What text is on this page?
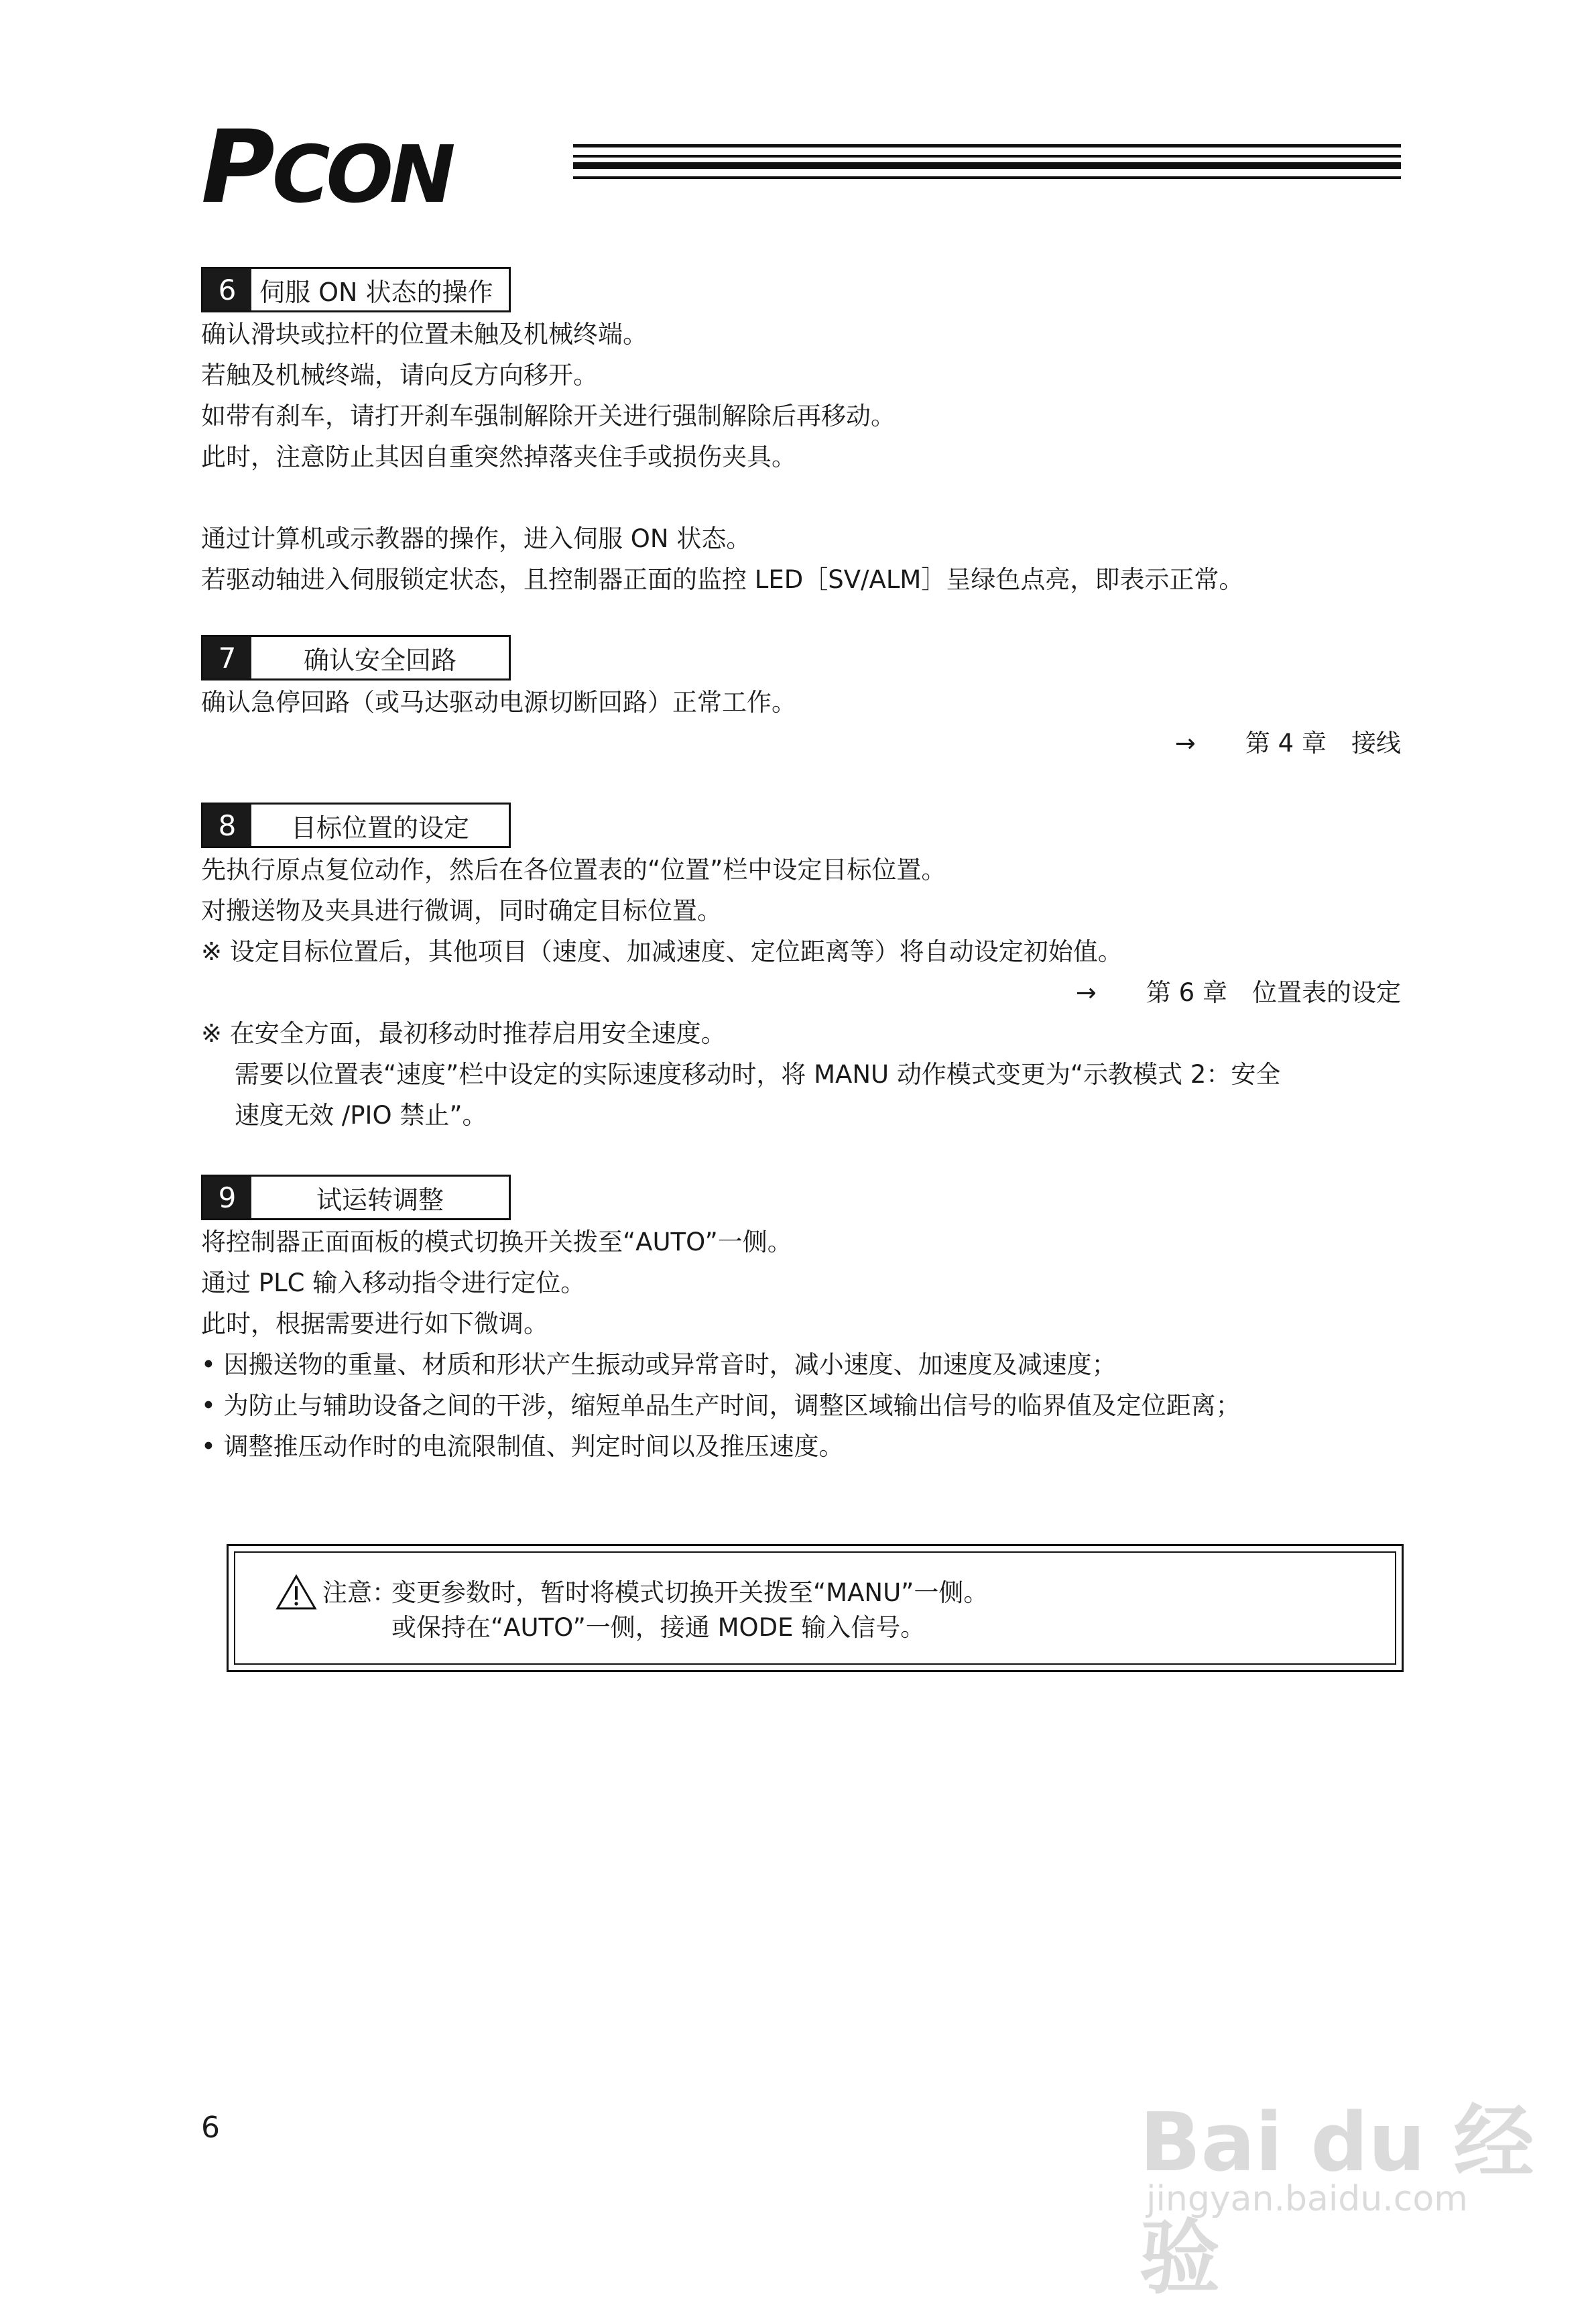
PCON
6 伺服 ON 状态的操作
确认滑块或拉杆的位置未触及机械终端。
若触及机械终端，请向反方向移开。
如带有刹车，请打开刹车强制解除开关进行强制解除后再移动。
此时，注意防止其因自重突然掉落夹住手或损伤夹具。
通过计算机或示教器的操作，进入伺服 ON 状态。
若驱动轴进入伺服锁定状态，且控制器正面的监控 LED［SV/ALM］呈绿色点亮，即表示正常。
7	确认安全回路
确认急停回路（或马达驱动电源切断回路）正常工作。
→　　第 4 章　接线
8	目标位置的设定
先执行原点复位动作，然后在各位置表的“位置”栏中设定目标位置。
对搬送物及夹具进行微调，同时确定目标位置。
※ 设定目标位置后，其他项目（速度、加减速度、定位距离等）将自动设定初始值。
→　　第 6 章　位置表的设定
※ 在安全方面，最初移动时推荐启用安全速度。
需要以位置表“速度”栏中设定的实际速度移动时，将 MANU 动作模式变更为“示教模式 2：安全
速度无效 /PIO 禁止”。
9	试运转调整
将控制器正面面板的模式切换开关拨至“AUTO”一侧。
通过 PLC 输入移动指令进行定位。
此时，根据需要进行如下微调。
• 因搬送物的重量、材质和形状产生振动或异常音时，减小速度、加速度及减速度；
• 为防止与辅助设备之间的干涉，缩短单品生产时间，调整区域输出信号的临界值及定位距离；
• 调整推压动作时的电流限制值、判定时间以及推压速度。
注意：
变更参数时，暂时将模式切换开关拨至“MANU”一侧。
或保持在“AUTO”一侧，接通 MODE 输入信号。
6	Bai du 经验
jingyan.baidu.com
